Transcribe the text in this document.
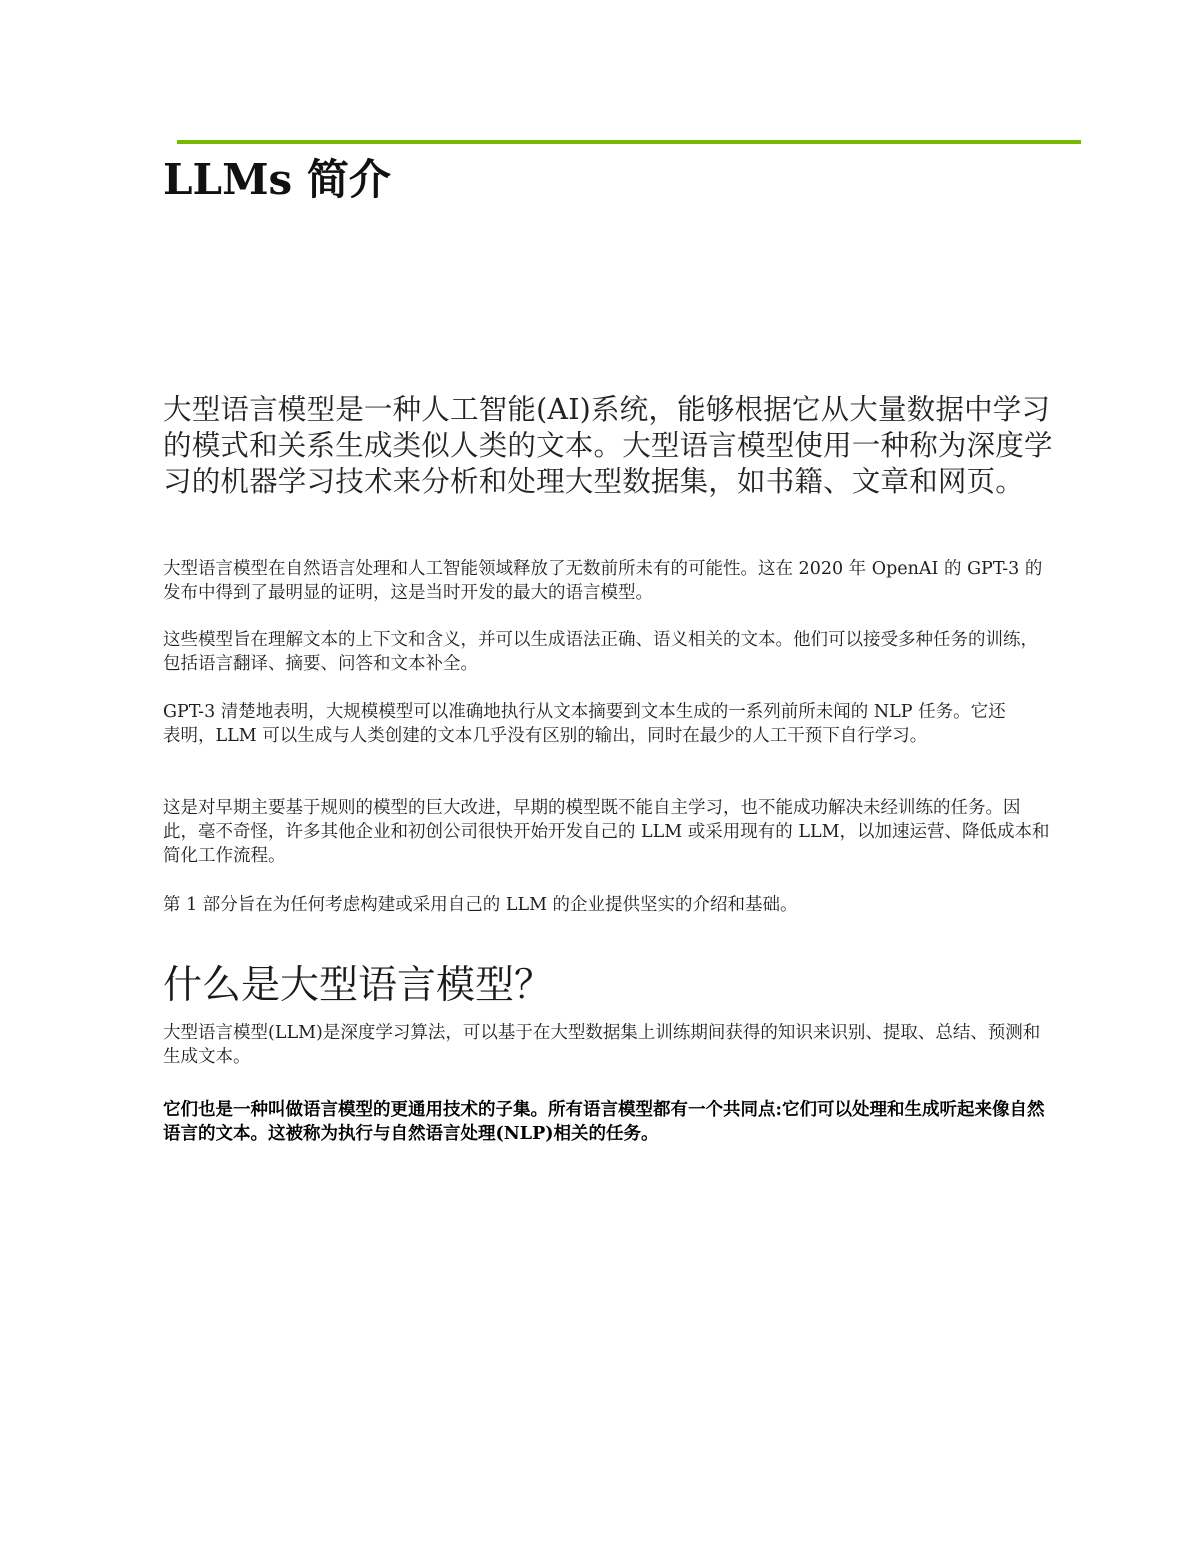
LLMs 简介

大型语言模型是一种人工智能(AI)系统，能够根据它从大量数据中学习的模式和关系生成类似人类的文本。大型语言模型使用一种称为深度学习的机器学习技术来分析和处理大型数据集，如书籍、文章和网页。

大型语言模型在自然语言处理和人工智能领域释放了无数前所未有的可能性。这在 2020 年 OpenAI 的 GPT-3 的发布中得到了最明显的证明，这是当时开发的最大的语言模型。

这些模型旨在理解文本的上下文和含义，并可以生成语法正确、语义相关的文本。他们可以接受多种任务的训练，包括语言翻译、摘要、问答和文本补全。

GPT-3 清楚地表明，大规模模型可以准确地执行从文本摘要到文本生成的一系列前所未闻的 NLP 任务。它还表明，LLM 可以生成与人类创建的文本几乎没有区别的输出，同时在最少的人工干预下自行学习。

这是对早期主要基于规则的模型的巨大改进，早期的模型既不能自主学习，也不能成功解决未经训练的任务。因此，毫不奇怪，许多其他企业和初创公司很快开始开发自己的 LLM 或采用现有的 LLM，以加速运营、降低成本和简化工作流程。

第 1 部分旨在为任何考虑构建或采用自己的 LLM 的企业提供坚实的介绍和基础。

什么是大型语言模型？

大型语言模型(LLM)是深度学习算法，可以基于在大型数据集上训练期间获得的知识来识别、提取、总结、预测和生成文本。

它们也是一种叫做语言模型的更通用技术的子集。所有语言模型都有一个共同点:它们可以处理和生成听起来像自然语言的文本。这被称为执行与自然语言处理(NLP)相关的任务。
